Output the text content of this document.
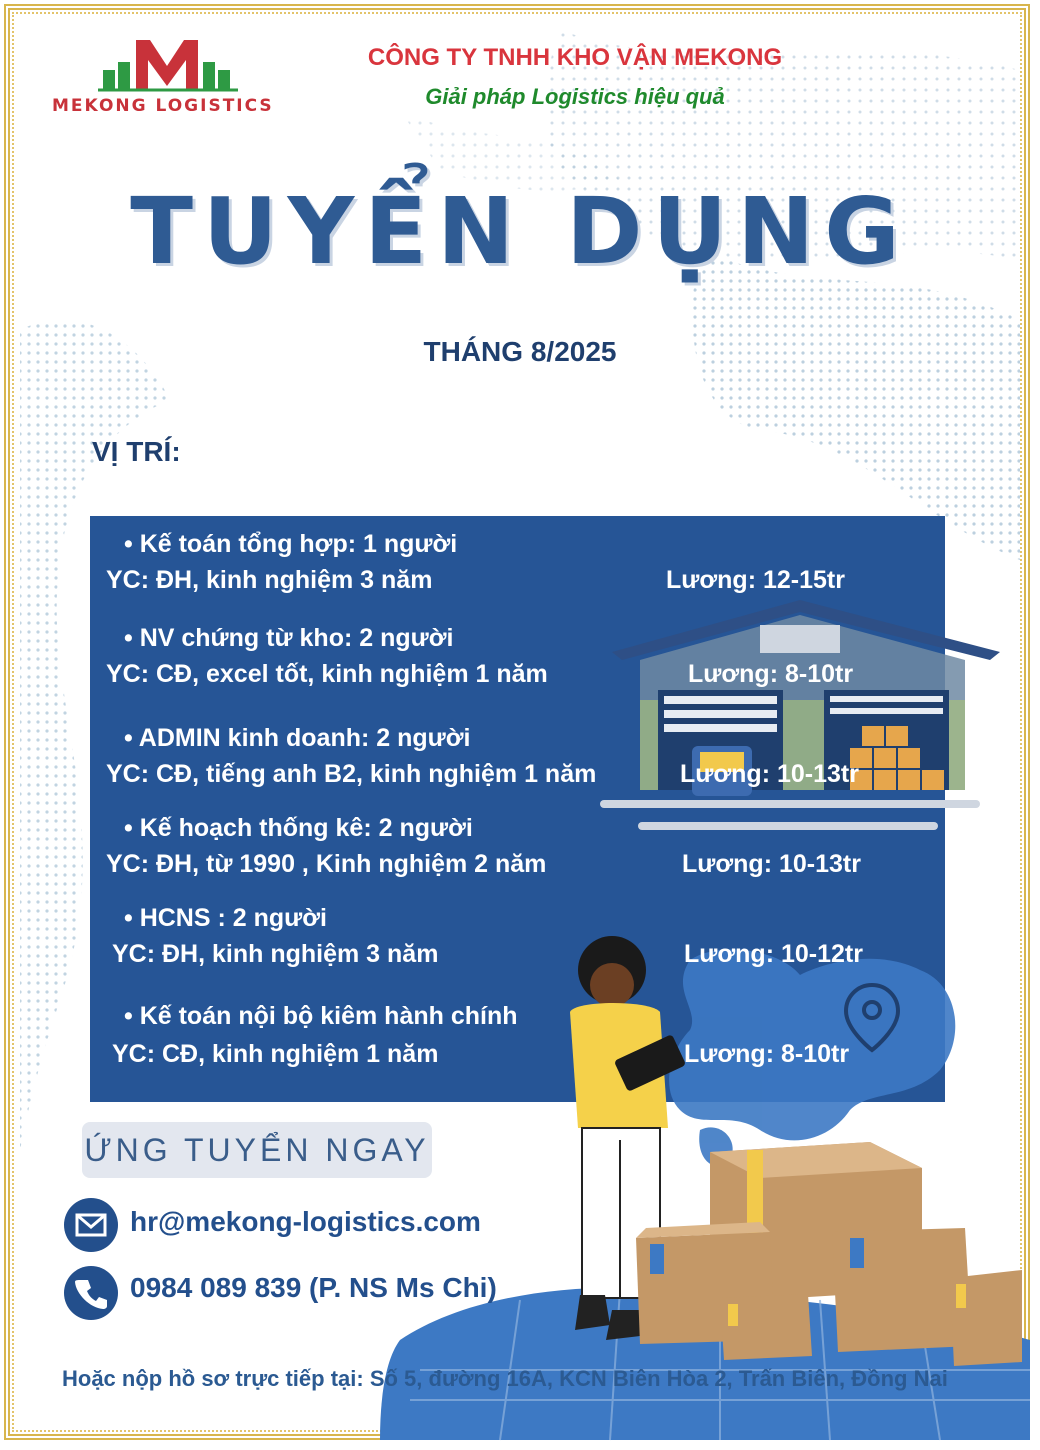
MEKONG LOGISTICS
CÔNG TY TNHH KHO VẬN MEKONG
Giải pháp Logistics hiệu quả
TUYỂN DỤNG
THÁNG 8/2025
VỊ TRÍ:
• Kế toán tổng hợp: 1 người
YC: ĐH, kinh nghiệm 3 năm	Lương: 12-15tr
• NV chứng từ kho: 2 người
YC: CĐ, excel tốt, kinh nghiệm 1 năm	Lương: 8-10tr
• ADMIN kinh doanh: 2 người
YC: CĐ, tiếng anh B2, kinh nghiệm 1 năm	Lương: 10-13tr
• Kế hoạch thống kê: 2 người
YC: ĐH, từ 1990 , Kinh nghiệm 2 năm	Lương: 10-13tr
• HCNS : 2 người
YC: ĐH, kinh nghiệm 3 năm	Lương: 10-12tr
• Kế toán nội bộ kiêm hành chính
YC: CĐ, kinh nghiệm 1 năm	Lương: 8-10tr
ỨNG TUYỂN NGAY
hr@mekong-logistics.com
0984 089 839 (P. NS Ms Chi)
Hoặc nộp hồ sơ trực tiếp tại: Số 5, đường 16A, KCN Biên Hòa 2, Trấn Biên, Đồng Nai
